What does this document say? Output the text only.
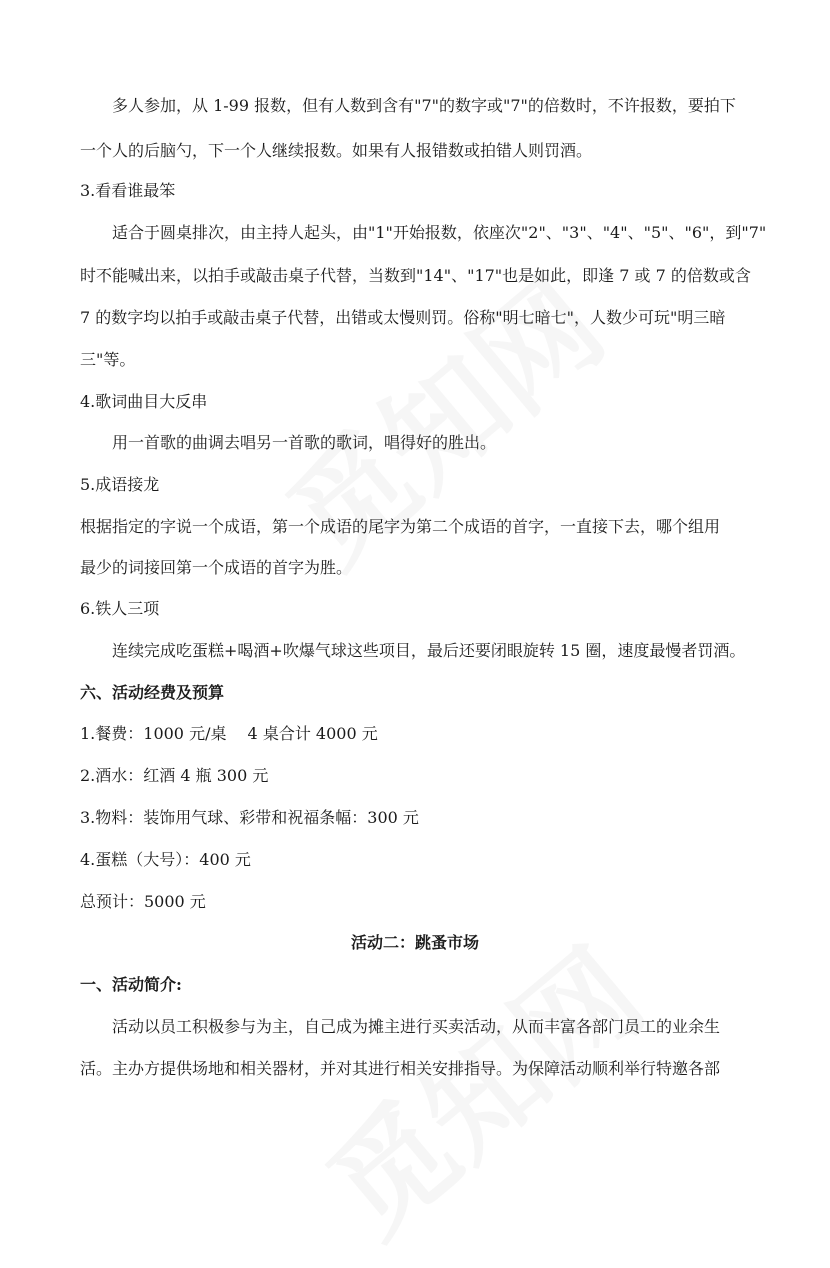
多人参加，从 1-99 报数，但有人数到含有"7"的数字或"7"的倍数时，不许报数，要拍下
一个人的后脑勺，下一个人继续报数。如果有人报错数或拍错人则罚酒。
3.看看谁最笨
适合于圆桌排次，由主持人起头，由"1"开始报数，依座次"2"、"3"、"4"、"5"、"6"，到"7"
时不能喊出来，以拍手或敲击桌子代替，当数到"14"、"17"也是如此，即逢 7 或 7 的倍数或含
7 的数字均以拍手或敲击桌子代替，出错或太慢则罚。俗称"明七暗七"，人数少可玩"明三暗
三"等。
4.歌词曲目大反串
用一首歌的曲调去唱另一首歌的歌词，唱得好的胜出。
5.成语接龙
根据指定的字说一个成语，第一个成语的尾字为第二个成语的首字，一直接下去，哪个组用
最少的词接回第一个成语的首字为胜。
6.铁人三项
连续完成吃蛋糕+喝酒+吹爆气球这些项目，最后还要闭眼旋转 15 圈，速度最慢者罚酒。
六、活动经费及预算
1.餐费：1000 元/桌　 4 桌合计 4000 元
2.酒水：红酒 4 瓶 300 元
3.物料：装饰用气球、彩带和祝福条幅：300 元
4.蛋糕（大号）：400 元
总预计：5000 元
活动二：跳蚤市场
一、活动简介:
活动以员工积极参与为主，自己成为摊主进行买卖活动，从而丰富各部门员工的业余生
活。主办方提供场地和相关器材，并对其进行相关安排指导。为保障活动顺利举行特邀各部
